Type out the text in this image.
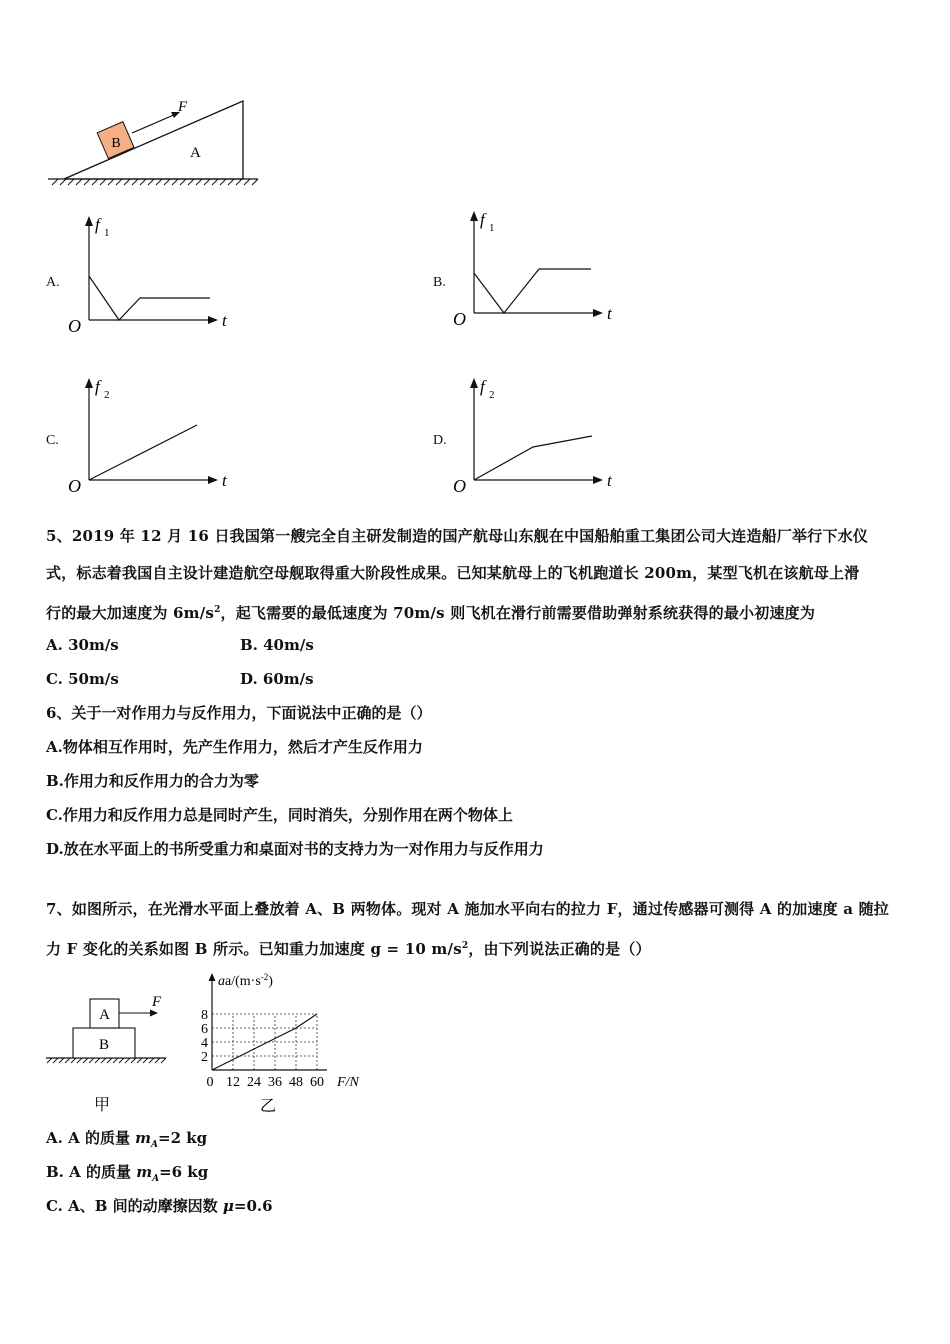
B
F
A
A.
f 1
t
O
B.
f 1
t
O
C.
f 2
t
O
D.
f 2
t
O
5、2019 年 12 月 16 日我国第一艘完全自主研发制造的国产航母山东舰在中国船舶重工集团公司大连造船厂举行下水仪
式，标志着我国自主设计建造航空母舰取得重大阶段性成果。已知某航母上的飞机跑道长 200m，某型飞机在该航母上滑
行的最大加速度为 $6m/s^2$，起飞需要的最低速度为 70m/s 则飞机在滑行前需要借助弹射系统获得的最小初速度为
A. 30m/s	B. 40m/s
C. 50m/s	D. 60m/s
6、关于一对作用力与反作用力，下面说法中正确的是（）
A.物体相互作用时，先产生作用力，然后才产生反作用力
B.作用力和反作用力的合力为零
C.作用力和反作用力总是同时产生，同时消失，分别作用在两个物体上
D.放在水平面上的书所受重力和桌面对书的支持力为一对作用力与反作用力
7、如图所示，在光滑水平面上叠放着 A、B 两物体。现对 A 施加水平向右的拉力 F，通过传感器可测得 A 的加速度 a 随拉
力 F 变化的关系如图 B 所示。已知重力加速度 g = 10 $m/s^2$，由下列说法正确的是（）
A
B
F
甲
0 12 24 36 48 60
2
4
6
8
$aa/(m\cdot s^{-2})$
F/N
乙
A. A 的质量 $m_A=2$ kg
B. A 的质量 $m_A=6$ kg
C. A、B 间的动摩擦因数 μ=0.6
